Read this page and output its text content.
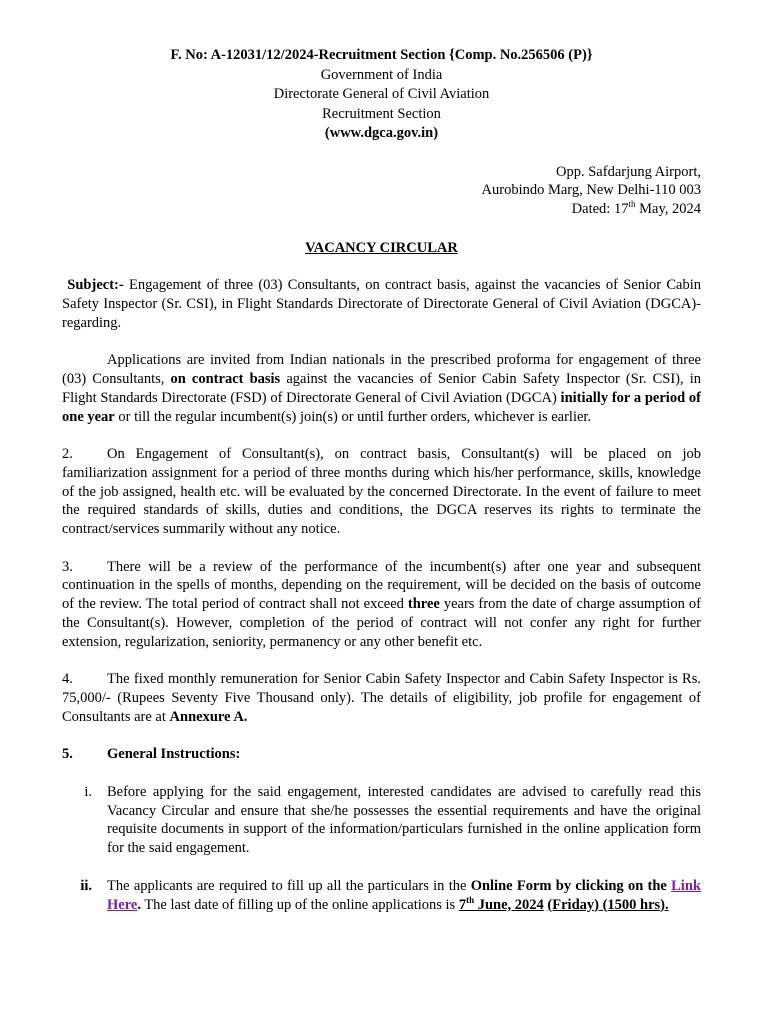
F. No: A-12031/12/2024-Recruitment Section {Comp. No.256506 (P)}
Government of India
Directorate General of Civil Aviation
Recruitment Section
(www.dgca.gov.in)
Opp. Safdarjung Airport,
Aurobindo Marg, New Delhi-110 003
Dated: 17th May, 2024
VACANCY CIRCULAR
Subject:- Engagement of three (03) Consultants, on contract basis, against the vacancies of Senior Cabin Safety Inspector (Sr. CSI), in Flight Standards Directorate of Directorate General of Civil Aviation (DGCA)-regarding.
Applications are invited from Indian nationals in the prescribed proforma for engagement of three (03) Consultants, on contract basis against the vacancies of Senior Cabin Safety Inspector (Sr. CSI), in Flight Standards Directorate (FSD) of Directorate General of Civil Aviation (DGCA) initially for a period of one year or till the regular incumbent(s) join(s) or until further orders, whichever is earlier.
2. On Engagement of Consultant(s), on contract basis, Consultant(s) will be placed on job familiarization assignment for a period of three months during which his/her performance, skills, knowledge of the job assigned, health etc. will be evaluated by the concerned Directorate. In the event of failure to meet the required standards of skills, duties and conditions, the DGCA reserves its rights to terminate the contract/services summarily without any notice.
3. There will be a review of the performance of the incumbent(s) after one year and subsequent continuation in the spells of months, depending on the requirement, will be decided on the basis of outcome of the review. The total period of contract shall not exceed three years from the date of charge assumption of the Consultant(s). However, completion of the period of contract will not confer any right for further extension, regularization, seniority, permanency or any other benefit etc.
4. The fixed monthly remuneration for Senior Cabin Safety Inspector and Cabin Safety Inspector is Rs. 75,000/- (Rupees Seventy Five Thousand only). The details of eligibility, job profile for engagement of Consultants are at Annexure A.
5. General Instructions:
i. Before applying for the said engagement, interested candidates are advised to carefully read this Vacancy Circular and ensure that she/he possesses the essential requirements and have the original requisite documents in support of the information/particulars furnished in the online application form for the said engagement.
ii. The applicants are required to fill up all the particulars in the Online Form by clicking on the Link Here. The last date of filling up of the online applications is 7th June, 2024 (Friday) (1500 hrs).
